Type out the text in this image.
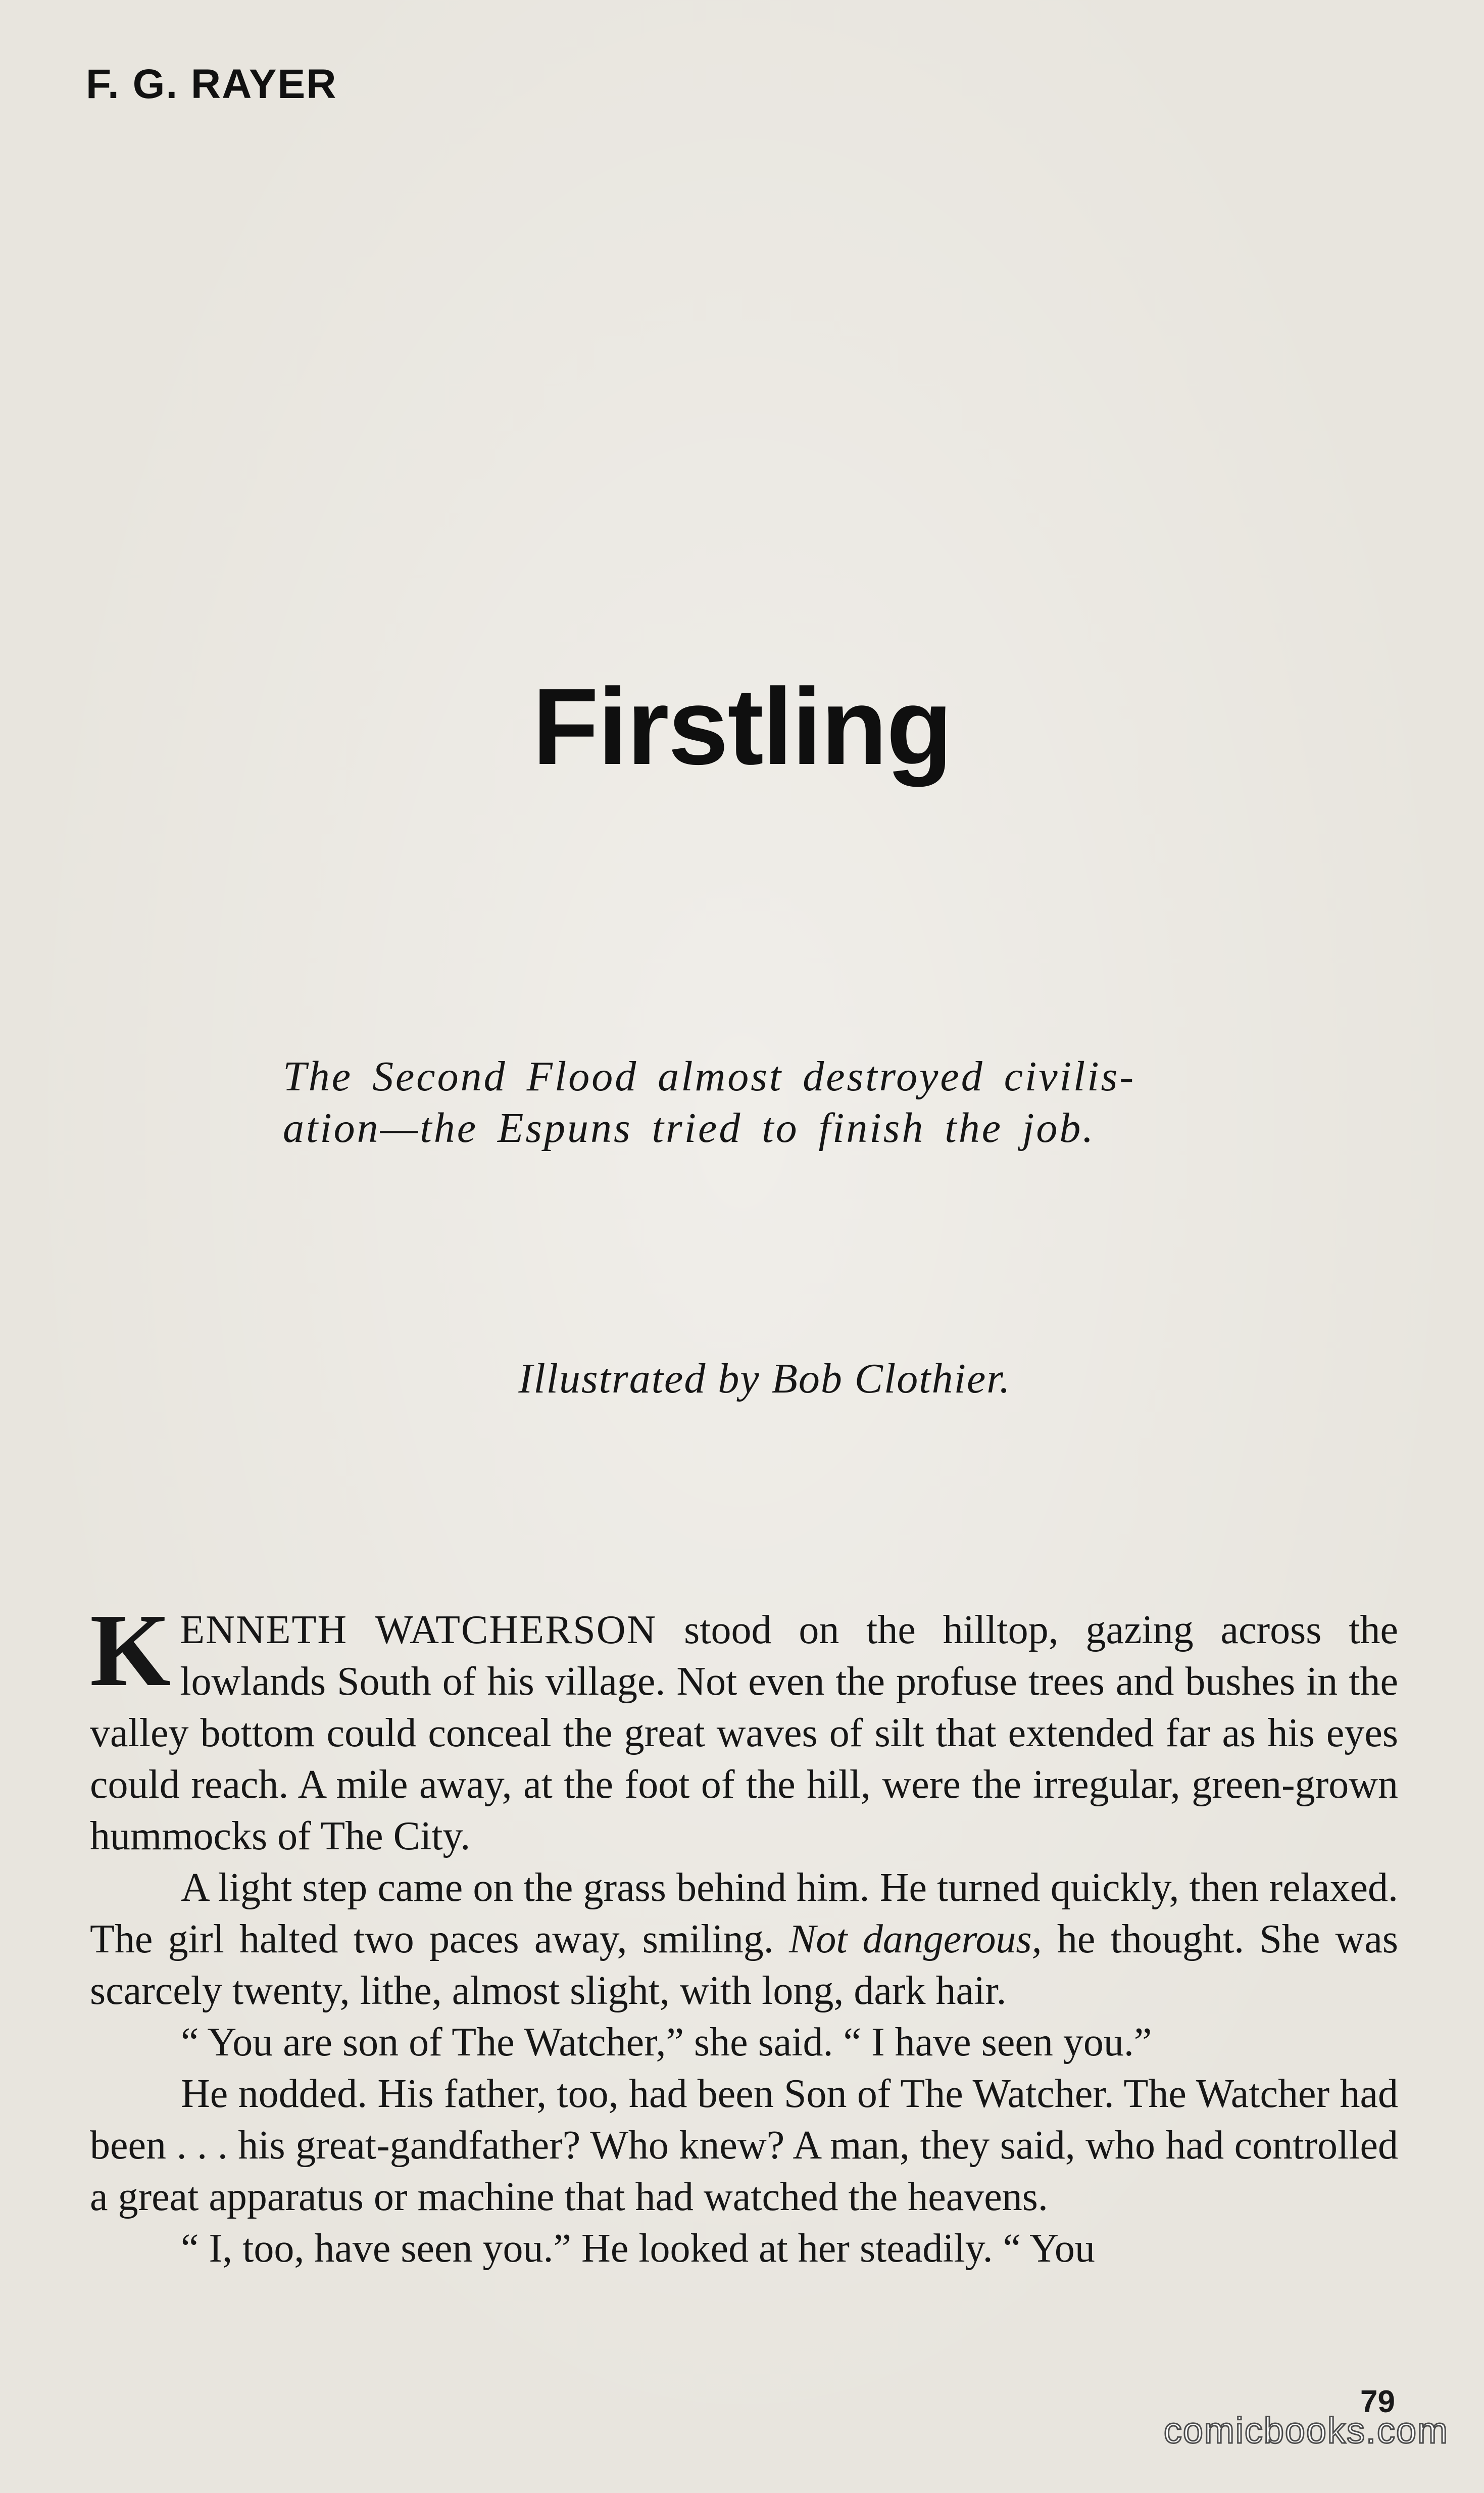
F. G. RAYER
Firstling
The Second Flood almost destroyed civilis-
ation—the Espuns tried to finish the job.
Illustrated by Bob Clothier.

KENNETH WATCHERSON stood on the hilltop, gazing across the lowlands South of his village. Not even the profuse trees and bushes in the valley bottom could conceal the great waves of silt that extended far as his eyes could reach. A mile away, at the foot of the hill, were the irregular, green-grown hummocks of The City.

A light step came on the grass behind him. He turned quickly, then relaxed. The girl halted two paces away, smiling. Not dangerous, he thought. She was scarcely twenty, lithe, almost slight, with long, dark hair.

“ You are son of The Watcher,” she said. “ I have seen you.”

He nodded. His father, too, had been Son of The Watcher. The Watcher had been . . . his great-gandfather? Who knew? A man, they said, who had controlled a great apparatus or machine that had watched the heavens.

“ I, too, have seen you.” He looked at her steadily. “ You

79
comicbooks.com
